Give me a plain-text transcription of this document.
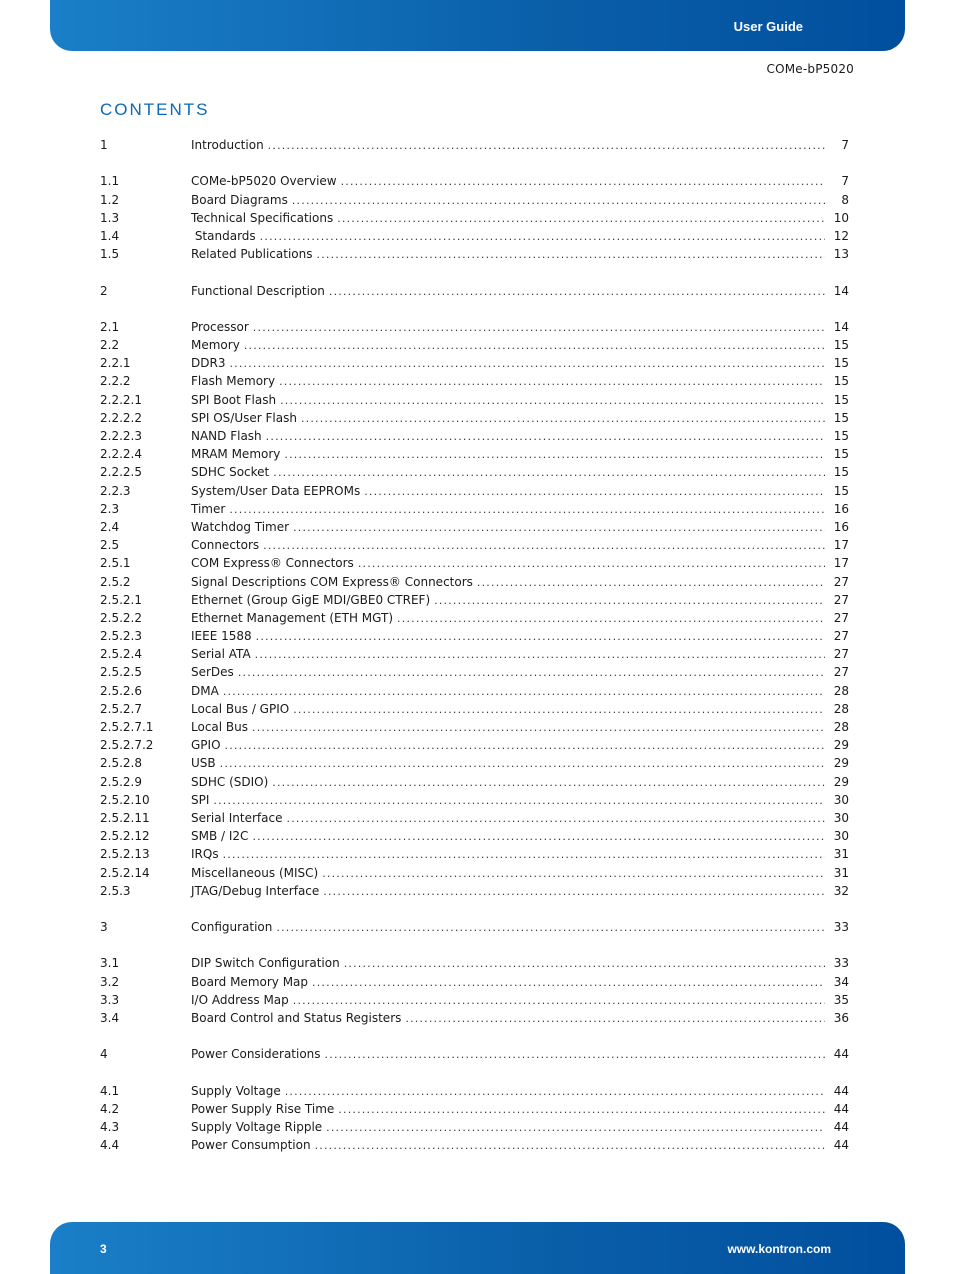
User Guide
COMe-bP5020
CONTENTS
1	Introduction .....	7
1.1	COMe-bP5020 Overview .....	7
1.2	Board Diagrams .....	8
1.3	Technical Specifications .....	10
1.4	Standards .....	12
1.5	Related Publications .....	13
2	Functional Description .....	14
2.1	Processor .....	14
2.2	Memory .....	15
2.2.1	DDR3 .....	15
2.2.2	Flash Memory .....	15
2.2.2.1	SPI Boot Flash .....	15
2.2.2.2	SPI OS/User Flash .....	15
2.2.2.3	NAND Flash .....	15
2.2.2.4	MRAM Memory .....	15
2.2.2.5	SDHC Socket .....	15
2.2.3	System/User Data EEPROMs .....	15
2.3	Timer .....	16
2.4	Watchdog Timer .....	16
2.5	Connectors .....	17
2.5.1	COM Express® Connectors .....	17
2.5.2	Signal Descriptions COM Express® Connectors .....	27
2.5.2.1	Ethernet (Group GigE MDI/GBE0 CTREF) .....	27
2.5.2.2	Ethernet Management (ETH MGT) .....	27
2.5.2.3	IEEE 1588 .....	27
2.5.2.4	Serial ATA .....	27
2.5.2.5	SerDes .....	27
2.5.2.6	DMA .....	28
2.5.2.7	Local Bus / GPIO .....	28
2.5.2.7.1	Local Bus .....	28
2.5.2.7.2	GPIO .....	29
2.5.2.8	USB .....	29
2.5.2.9	SDHC (SDIO) .....	29
2.5.2.10	SPI .....	30
2.5.2.11	Serial Interface .....	30
2.5.2.12	SMB / I2C .....	30
2.5.2.13	IRQs .....	31
2.5.2.14	Miscellaneous (MISC) .....	31
2.5.3	JTAG/Debug Interface .....	32
3	Configuration .....	33
3.1	DIP Switch Configuration .....	33
3.2	Board Memory Map .....	34
3.3	I/O Address Map .....	35
3.4	Board Control and Status Registers .....	36
4	Power Considerations .....	44
4.1	Supply Voltage .....	44
4.2	Power Supply Rise Time .....	44
4.3	Supply Voltage Ripple .....	44
4.4	Power Consumption .....	44
3	www.kontron.com
